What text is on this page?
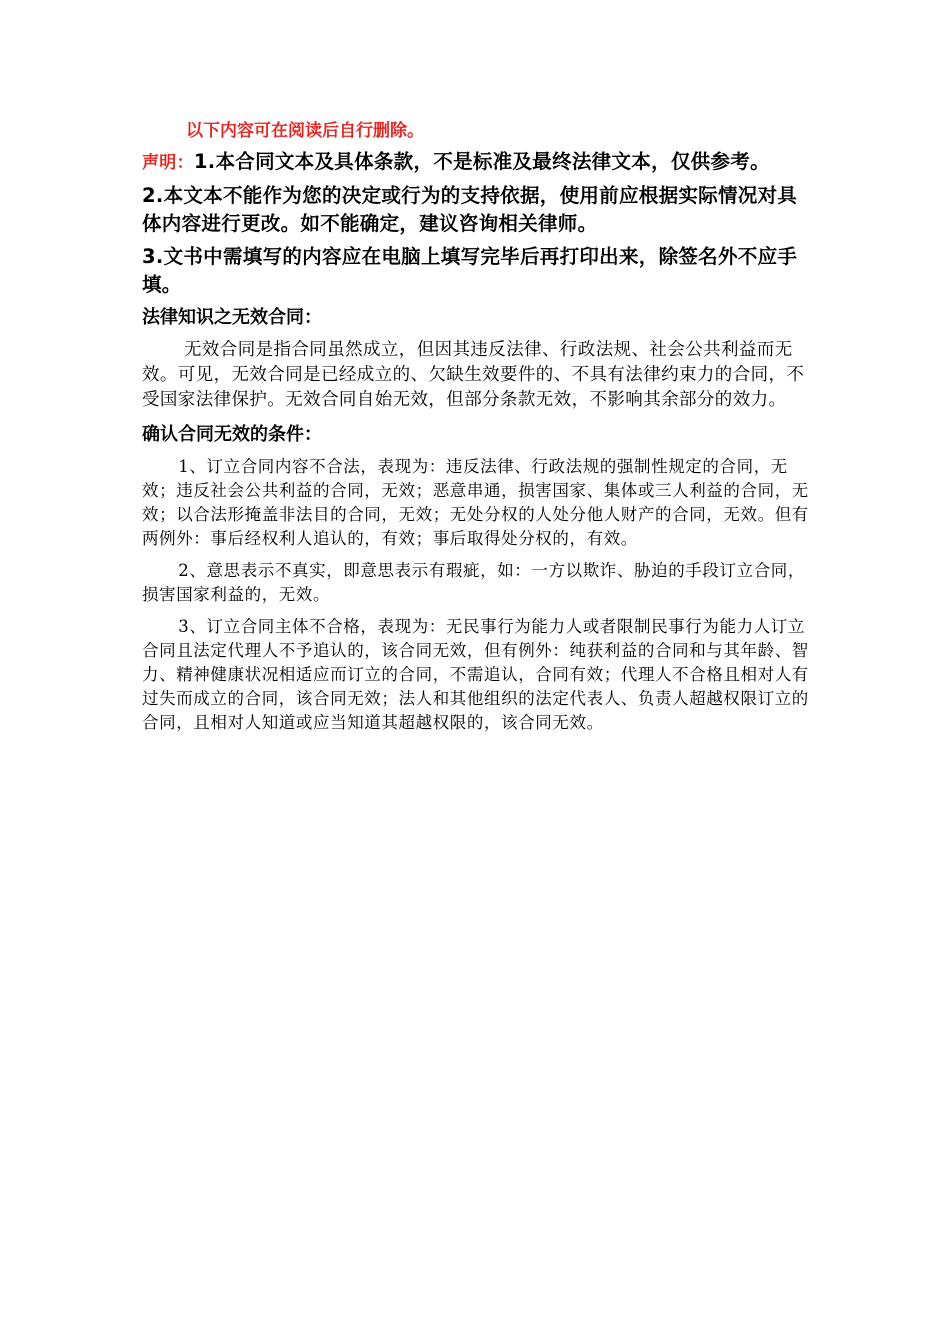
以下内容可在阅读后自行删除。

声明：1.本合同文本及具体条款，不是标准及最终法律文本，仅供参考。

2.本文本不能作为您的决定或行为的支持依据，使用前应根据实际情况对具体内容进行更改。如不能确定，建议咨询相关律师。

3.文书中需填写的内容应在电脑上填写完毕后再打印出来，除签名外不应手填。

法律知识之无效合同：

无效合同是指合同虽然成立，但因其违反法律、行政法规、社会公共利益而无效。可见，无效合同是已经成立的、欠缺生效要件的、不具有法律约束力的合同，不受国家法律保护。无效合同自始无效，但部分条款无效，不影响其余部分的效力。

确认合同无效的条件：

1、订立合同内容不合法，表现为：违反法律、行政法规的强制性规定的合同，无效；违反社会公共利益的合同，无效；恶意串通，损害国家、集体或三人利益的合同，无效；以合法形掩盖非法目的合同，无效；无处分权的人处分他人财产的合同，无效。但有两例外：事后经权利人追认的，有效；事后取得处分权的，有效。

2、意思表示不真实，即意思表示有瑕疵，如：一方以欺诈、胁迫的手段订立合同，损害国家利益的，无效。

3、订立合同主体不合格，表现为：无民事行为能力人或者限制民事行为能力人订立合同且法定代理人不予追认的，该合同无效，但有例外：纯获利益的合同和与其年龄、智力、精神健康状况相适应而订立的合同，不需追认，合同有效；代理人不合格且相对人有过失而成立的合同，该合同无效；法人和其他组织的法定代表人、负责人超越权限订立的合同，且相对人知道或应当知道其超越权限的，该合同无效。
